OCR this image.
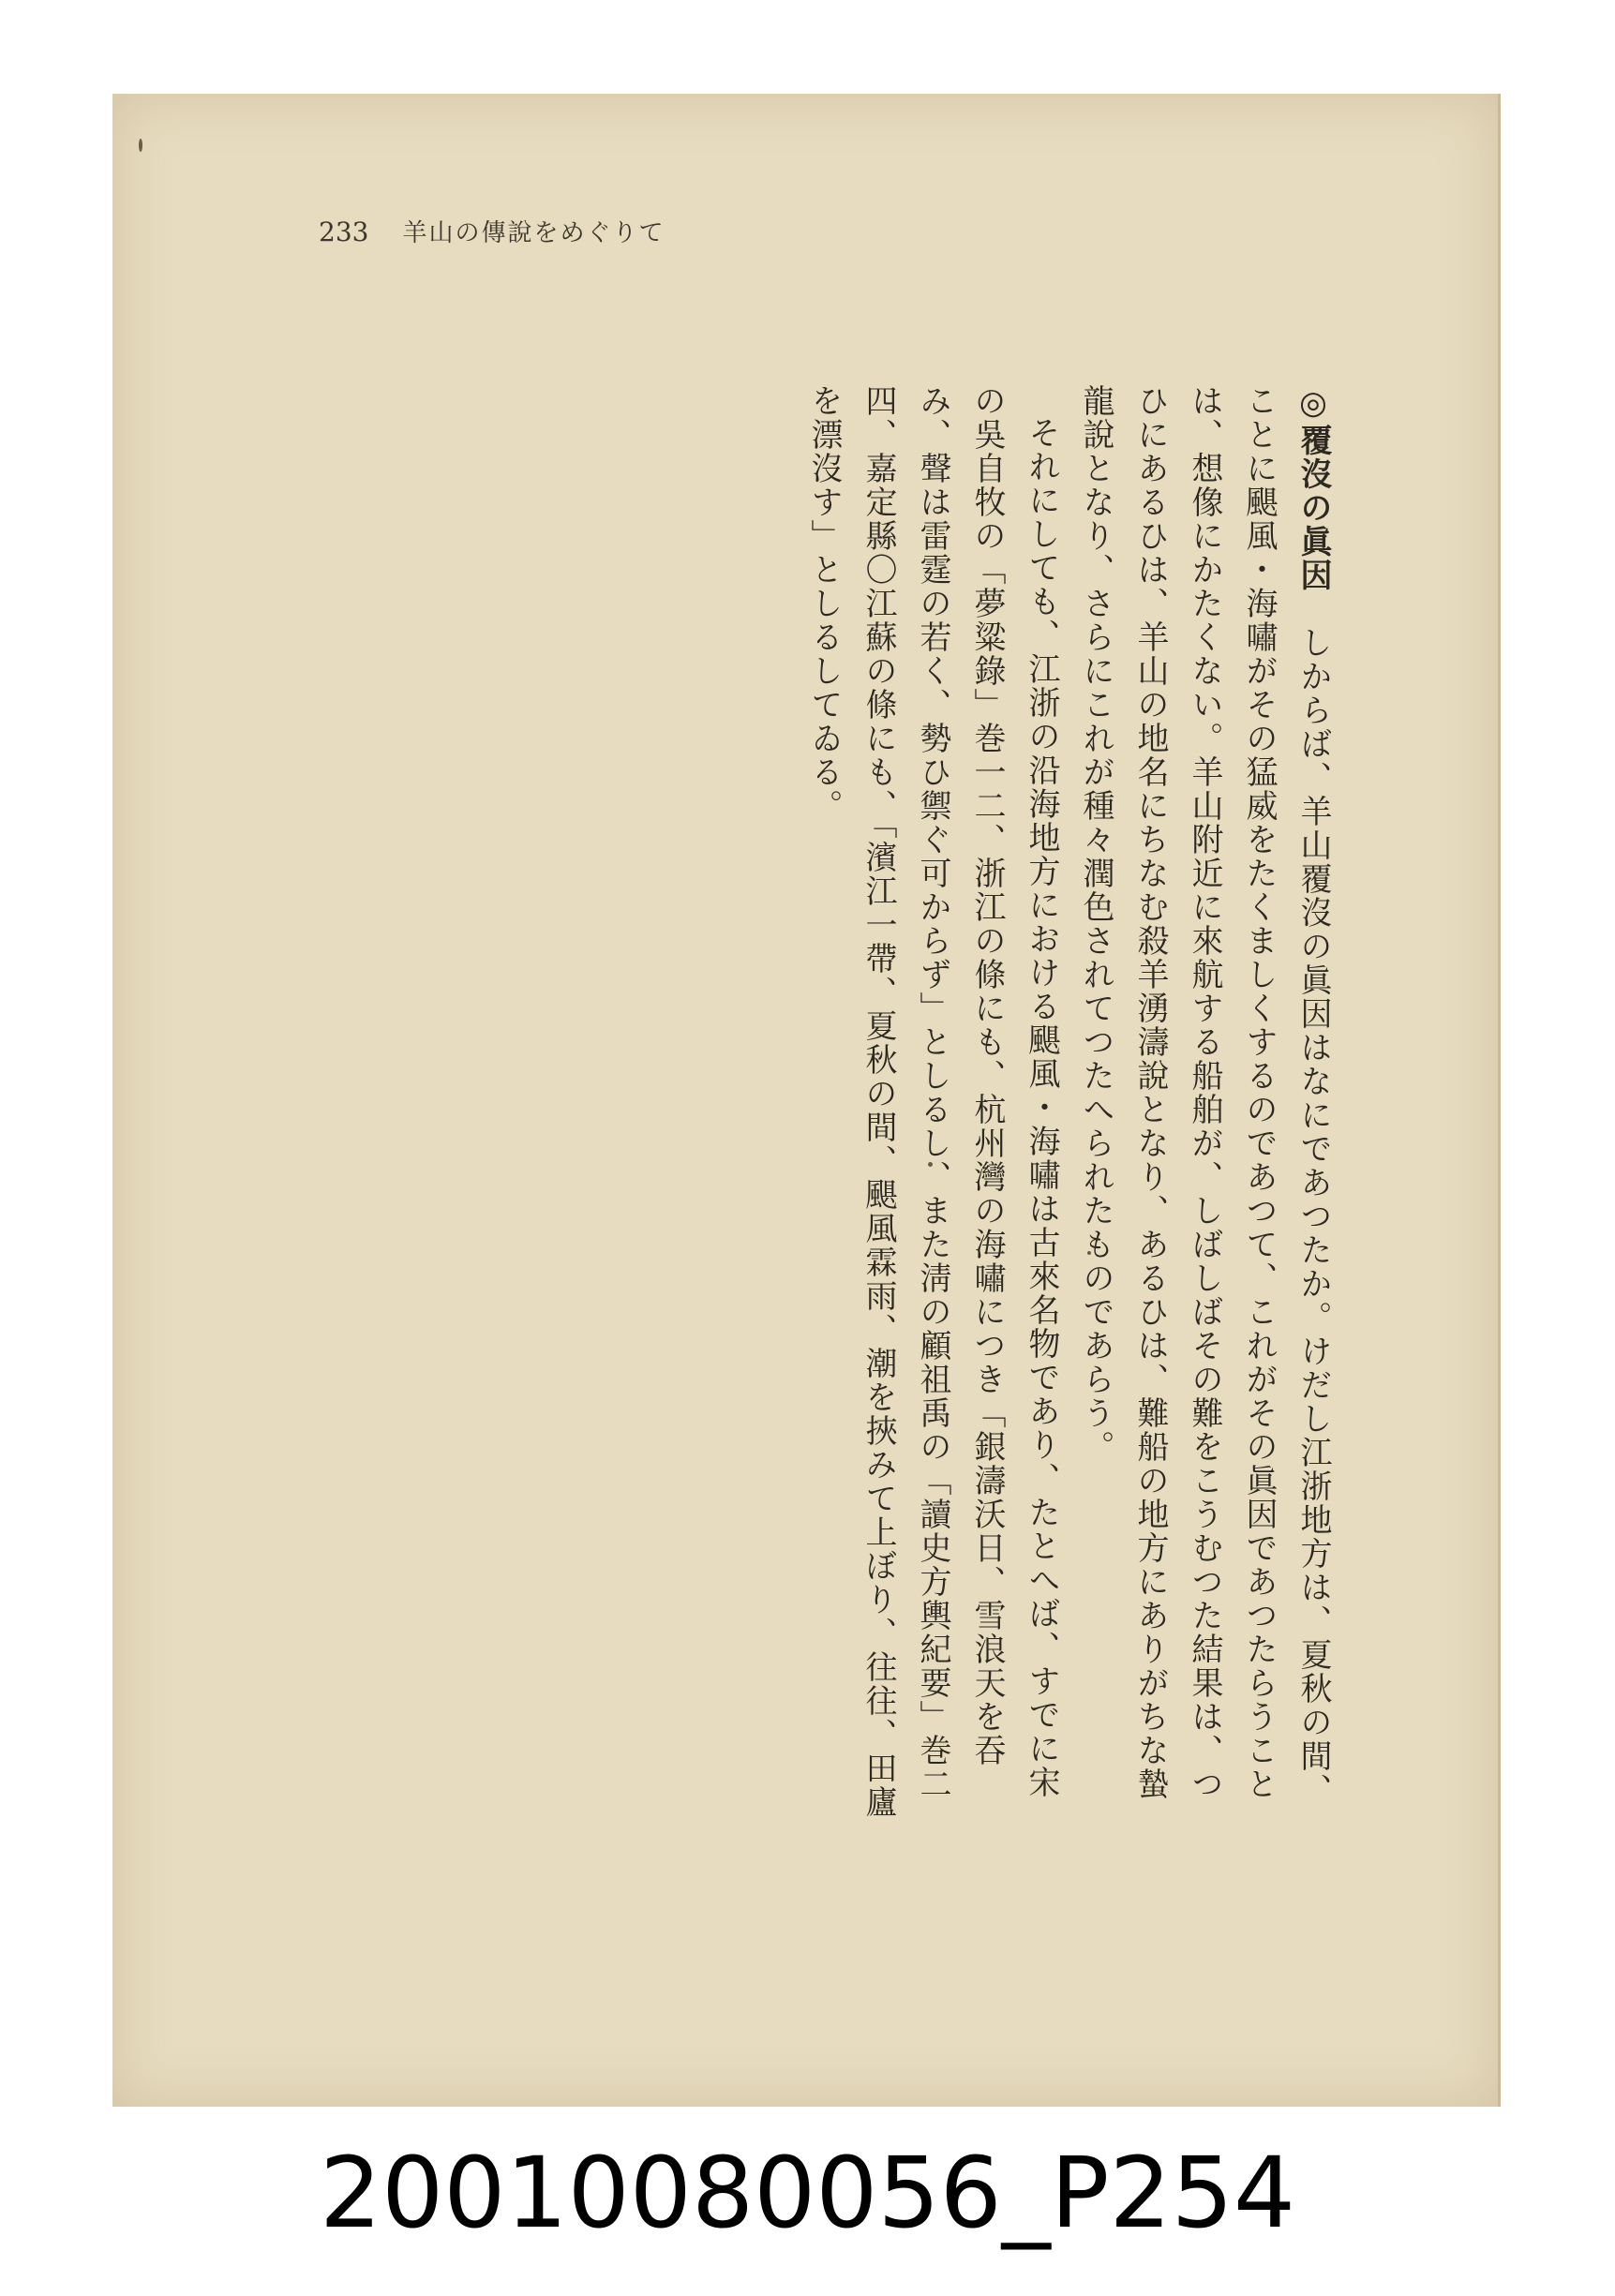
233 羊山の傳說をめぐりて

◎覆沒の眞因　しからば、羊山覆沒の眞因はなにであつたか。けだし江浙地方は、夏秋の間、ことに颶風・海嘯がその猛威をたくましくするのであつて、これがその眞因であつたらうことは、想像にかたくない。羊山附近に來航する船舶が、しばしばその難をこうむつた結果は、つひにあるひは、羊山の地名にちなむ殺羊湧濤說となり、あるひは、難船の地方にありがちな蟄龍說となり、さらにこれが種々潤色されてつたへられたものであらう。

それにしても、江浙の沿海地方における颶風・海嘯は古來名物であり、たとへば、すでに宋の吳自牧の「夢粱錄」巻一二、浙江の條にも、杭州灣の海嘯につき「銀濤沃日、雪浪天を吞み、聲は雷霆の若く、勢ひ禦ぐ可からず」としるし、また淸の顧祖禹の「讀史方輿紀要」巻二四、嘉定縣〇江蘇の條にも、「濱江一帶、夏秋の間、颶風霖雨、潮を挾みて上ぼり、往往、田廬を漂沒す」としるしてゐる。

20010080056_P254
